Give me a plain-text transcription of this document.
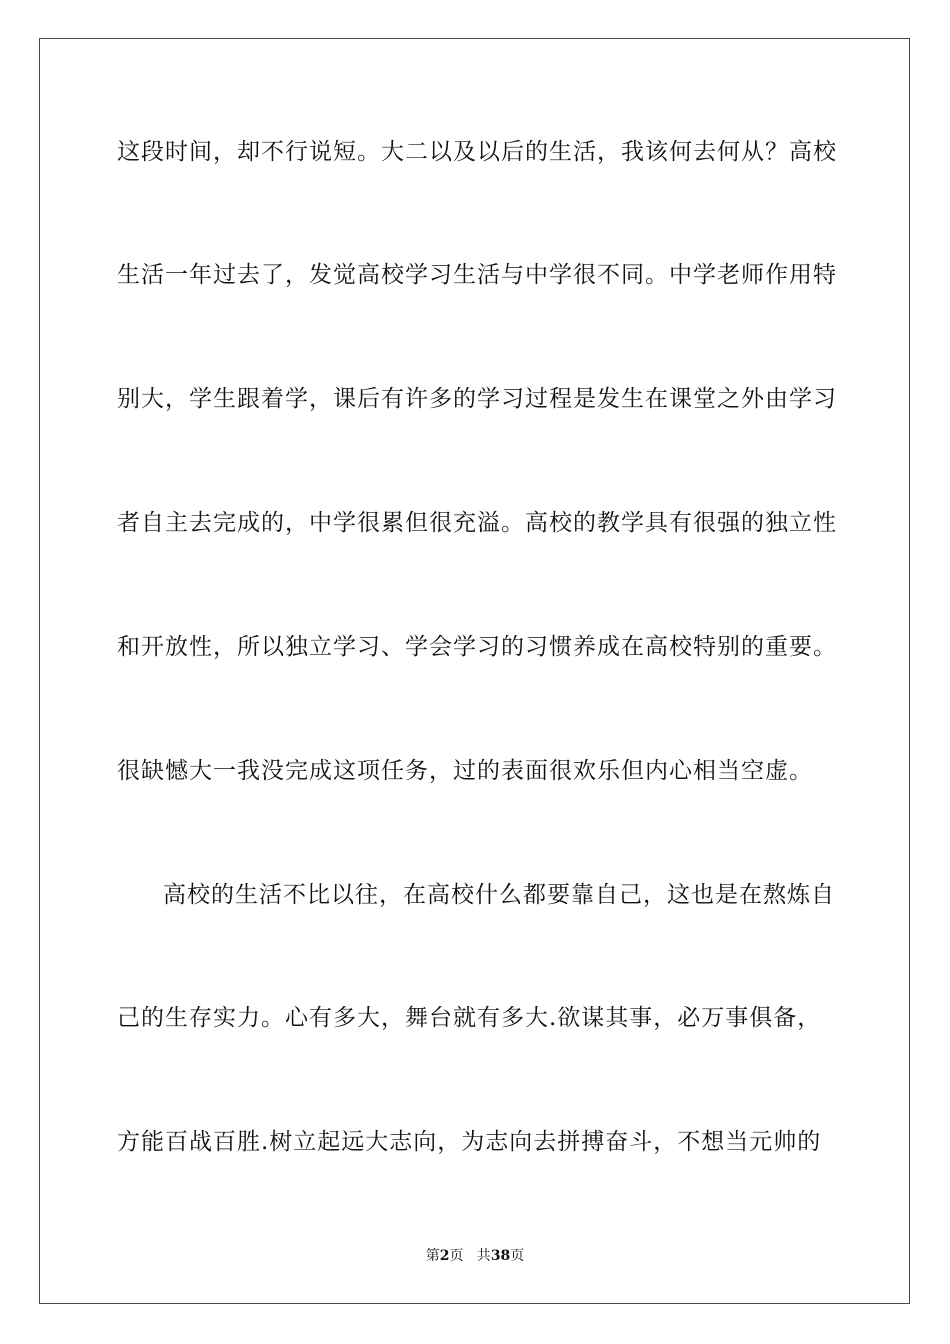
这段时间，却不行说短。大二以及以后的生活，我该何去何从？高校
生活一年过去了，发觉高校学习生活与中学很不同。中学老师作用特
别大，学生跟着学，课后有许多的学习过程是发生在课堂之外由学习
者自主去完成的，中学很累但很充溢。高校的教学具有很强的独立性
和开放性，所以独立学习、学会学习的习惯养成在高校特别的重要。
很缺憾大一我没完成这项任务，过的表面很欢乐但内心相当空虚。
高校的生活不比以往，在高校什么都要靠自己，这也是在熬炼自
己的生存实力。心有多大，舞台就有多大.欲谋其事，必万事俱备，
方能百战百胜.树立起远大志向，为志向去拼搏奋斗，不想当元帅的
第2页   共38页
